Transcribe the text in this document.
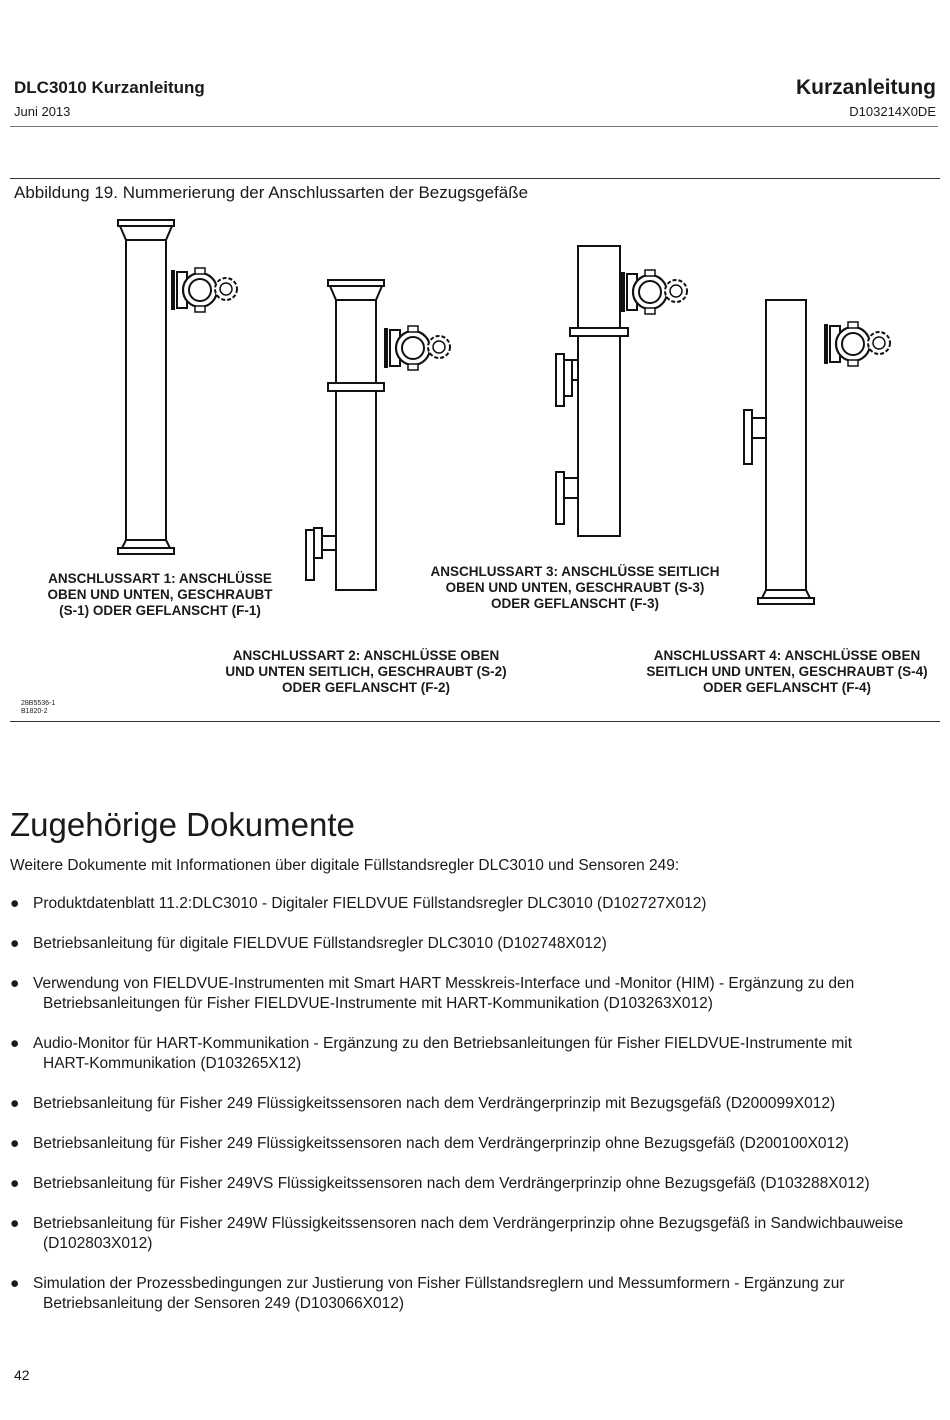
DLC3010 Kurzanleitung
Juni 2013
Kurzanleitung
D103214X0DE
Abbildung 19. Nummerierung der Anschlussarten der Bezugsgefäße
ANSCHLUSSART 1: ANSCHLÜSSE
OBEN UND UNTEN, GESCHRAUBT
(S-1) ODER GEFLANSCHT (F-1)
ANSCHLUSSART 2: ANSCHLÜSSE OBEN
UND UNTEN SEITLICH, GESCHRAUBT (S-2)
ODER GEFLANSCHT (F-2)
ANSCHLUSSART 3: ANSCHLÜSSE SEITLICH
OBEN UND UNTEN, GESCHRAUBT (S-3)
ODER GEFLANSCHT (F-3)
ANSCHLUSSART 4: ANSCHLÜSSE OBEN
SEITLICH UND UNTEN, GESCHRAUBT (S-4)
ODER GEFLANSCHT (F-4)
28B5536-1
B1820-2
Zugehörige Dokumente
Weitere Dokumente mit Informationen über digitale Füllstandsregler DLC3010 und Sensoren 249:
● Produktdatenblatt 11.2:DLC3010 - Digitaler FIELDVUE Füllstandsregler DLC3010 (D102727X012)
● Betriebsanleitung für digitale FIELDVUE Füllstandsregler DLC3010 (D102748X012)
● Verwendung von FIELDVUE-Instrumenten mit Smart HART Messkreis-Interface und -Monitor (HIM) - Ergänzung zu den
Betriebsanleitungen für Fisher FIELDVUE-Instrumente mit HART-Kommunikation (D103263X012)
● Audio-Monitor für HART-Kommunikation - Ergänzung zu den Betriebsanleitungen für Fisher FIELDVUE-Instrumente mit
HART-Kommunikation (D103265X12)
● Betriebsanleitung für Fisher 249 Flüssigkeitssensoren nach dem Verdrängerprinzip mit Bezugsgefäß (D200099X012)
● Betriebsanleitung für Fisher 249 Flüssigkeitssensoren nach dem Verdrängerprinzip ohne Bezugsgefäß (D200100X012)
● Betriebsanleitung für Fisher 249VS Flüssigkeitssensoren nach dem Verdrängerprinzip ohne Bezugsgefäß (D103288X012)
● Betriebsanleitung für Fisher 249W Flüssigkeitssensoren nach dem Verdrängerprinzip ohne Bezugsgefäß in Sandwichbauweise
(D102803X012)
● Simulation der Prozessbedingungen zur Justierung von Fisher Füllstandsreglern und Messumformern - Ergänzung zur
Betriebsanleitung der Sensoren 249 (D103066X012)
42
